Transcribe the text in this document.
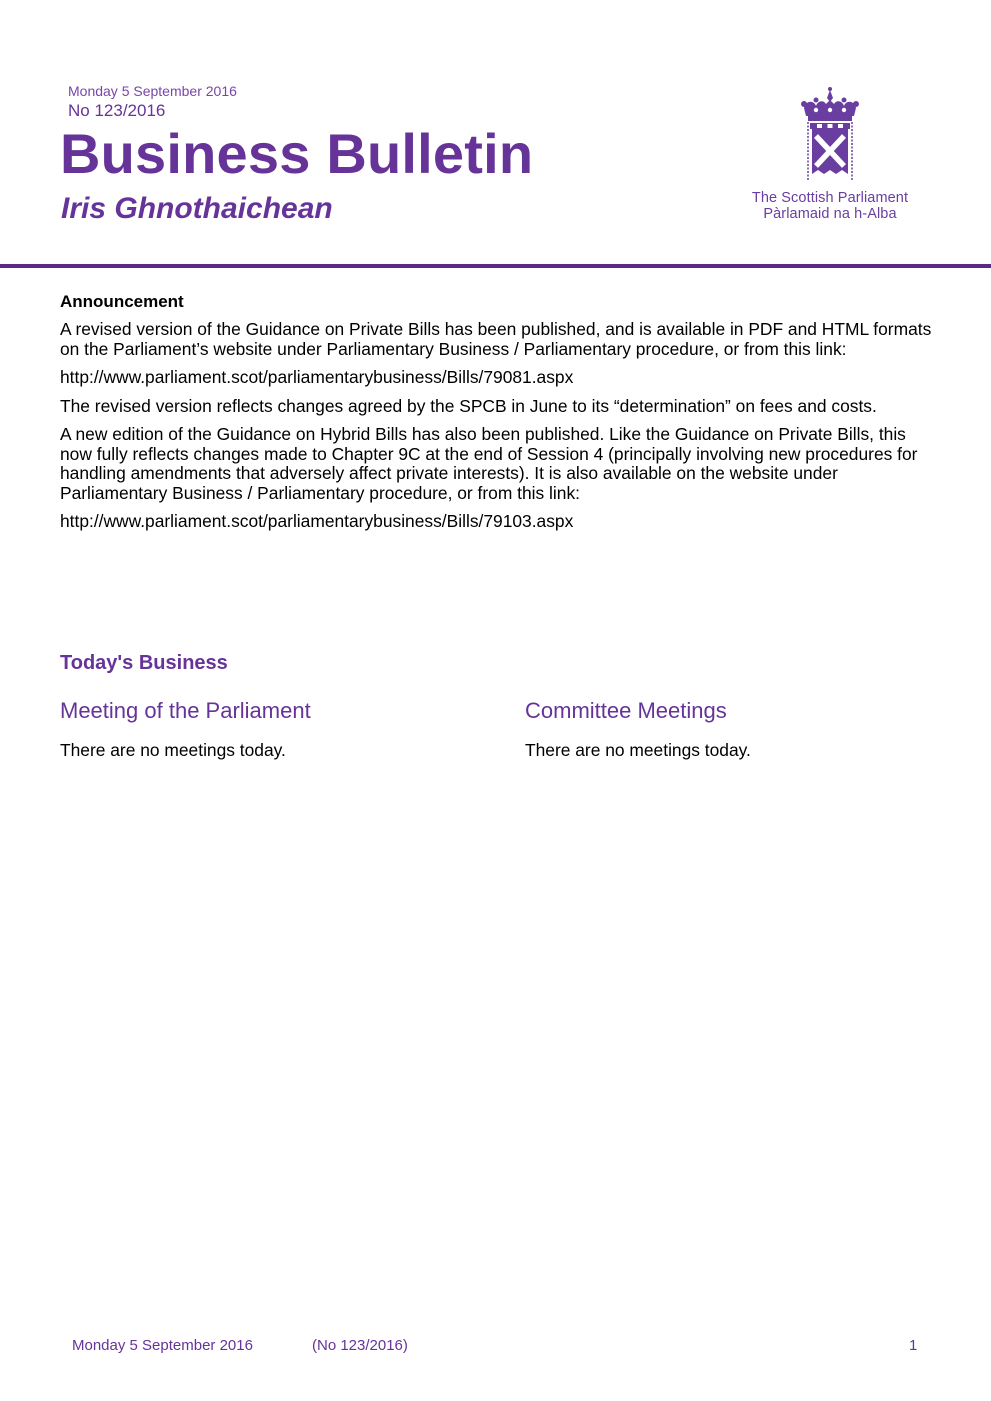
Monday 5 September 2016
No 123/2016
Business Bulletin
Iris Ghnothaichean	The Scottish Parliament
Pàrlamaid na h-Alba
Announcement

A revised version of the Guidance on Private Bills has been published, and is available in PDF and HTML formats on the Parliament’s website under Parliamentary Business / Parliamentary procedure, or from this link:

http://www.parliament.scot/parliamentarybusiness/Bills/79081.aspx

The revised version reflects changes agreed by the SPCB in June to its “determination” on fees and costs.

A new edition of the Guidance on Hybrid Bills has also been published. Like the Guidance on Private Bills, this now fully reflects changes made to Chapter 9C at the end of Session 4 (principally involving new procedures for handling amendments that adversely affect private interests). It is also available on the website under Parliamentary Business / Parliamentary procedure, or from this link:

http://www.parliament.scot/parliamentarybusiness/Bills/79103.aspx

Today's Business
Meeting of the Parliament

There are no meetings today.

Committee Meetings

There are no meetings today.

Monday 5 September 2016	(No 123/2016)	1
